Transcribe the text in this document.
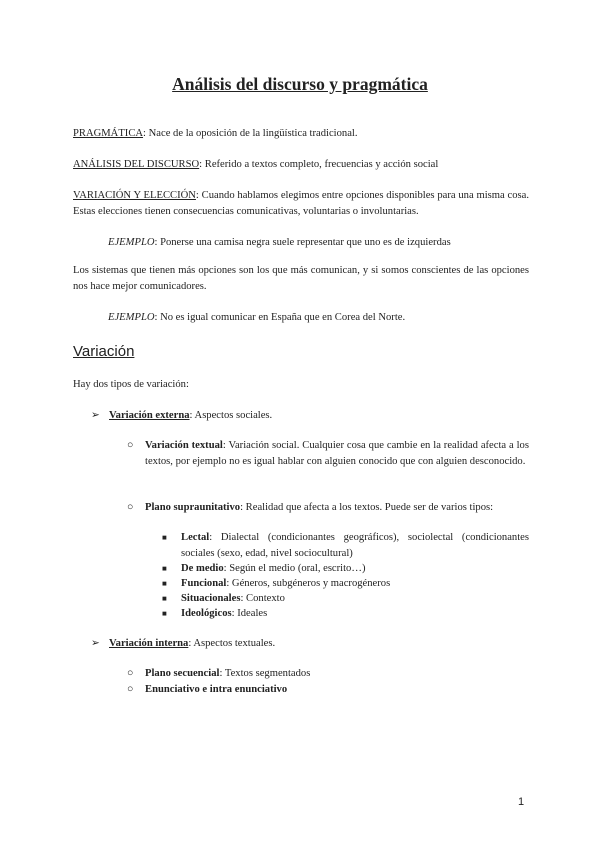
Análisis del discurso y pragmática
PRAGMÁTICA: Nace de la oposición de la lingüística tradicional.
ANÁLISIS DEL DISCURSO: Referido a textos completo, frecuencias y acción social
VARIACIÓN Y ELECCIÓN: Cuando hablamos elegimos entre opciones disponibles para una misma cosa. Estas elecciones tienen consecuencias comunicativas, voluntarias o involuntarias.
EJEMPLO: Ponerse una camisa negra suele representar que uno es de izquierdas
Los sistemas que tienen más opciones son los que más comunican, y si somos conscientes de las opciones nos hace mejor comunicadores.
EJEMPLO: No es igual comunicar en España que en Corea del Norte.
Variación
Hay dos tipos de variación:
➢ Variación externa: Aspectos sociales.
○ Variación textual: Variación social. Cualquier cosa que cambie en la realidad afecta a los textos, por ejemplo no es igual hablar con alguien conocido que con alguien desconocido.
○ Plano supraunitativo: Realidad que afecta a los textos. Puede ser de varios tipos:
■ Lectal: Dialectal (condicionantes geográficos), sociolectal (condicionantes sociales (sexo, edad, nivel sociocultural)
■ De medio: Según el medio (oral, escrito…)
■ Funcional: Géneros, subgéneros y macrogéneros
■ Situacionales: Contexto
■ Ideológicos: Ideales
➢ Variación interna: Aspectos textuales.
○ Plano secuencial: Textos segmentados
○ Enunciativo e intra enunciativo
1
